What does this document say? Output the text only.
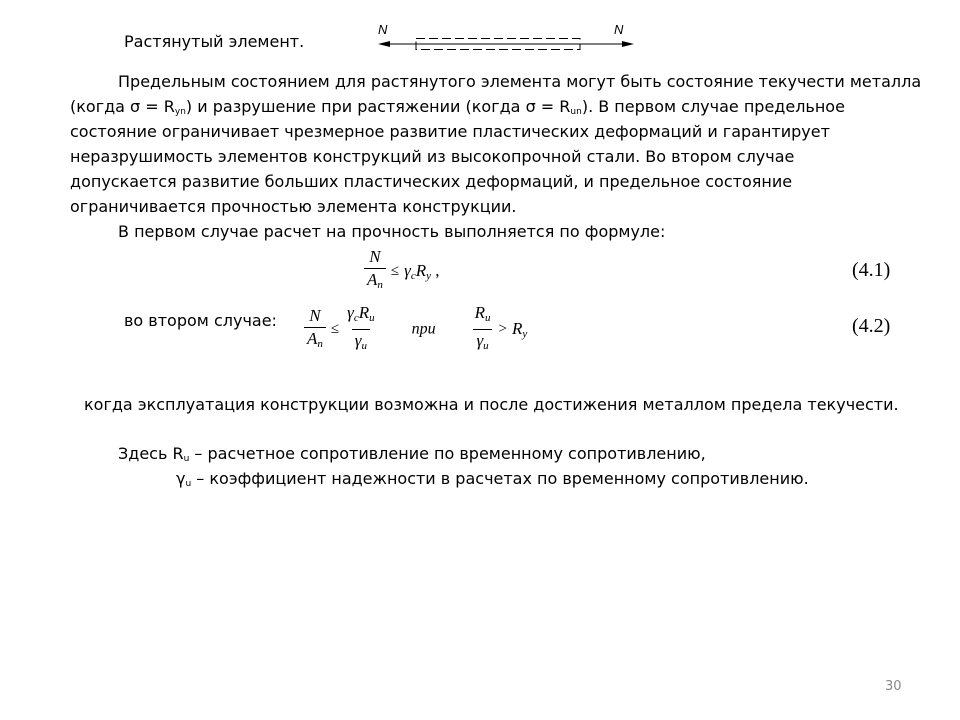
Растянутый элемент.
N	N
Предельным состоянием для растянутого элемента могут быть состояние текучести металла
(когда $\sigma = R_{yn}$) и разрушение при растяжении (когда $\sigma = R_{un}$). В первом случае предельное
состояние ограничивает чрезмерное развитие пластических деформаций и гарантирует
неразрушимость элементов конструкций из высокопрочной стали. Во втором случае
допускается развитие больших пластических деформаций, и предельное состояние
ограничивается прочностью элемента конструкции.
В первом случае расчет на прочность выполняется по формуле:
$\frac{N}{An} \le \gamma cRy$ ,	(4.1)
во втором случае: $\frac{N}{An} \le \frac{\text{γcRu}}{\gamma u}$ при $\frac{Ru}{\gamma u} > Ry$	(4.2)
когда эксплуатация конструкции возможна и после достижения металлом предела текучести.
Здесь $R_u$ – расчетное сопротивление по временному сопротивлению,
$\gamma_u$ – коэффициент надежности в расчетах по временному сопротивлению.
30
